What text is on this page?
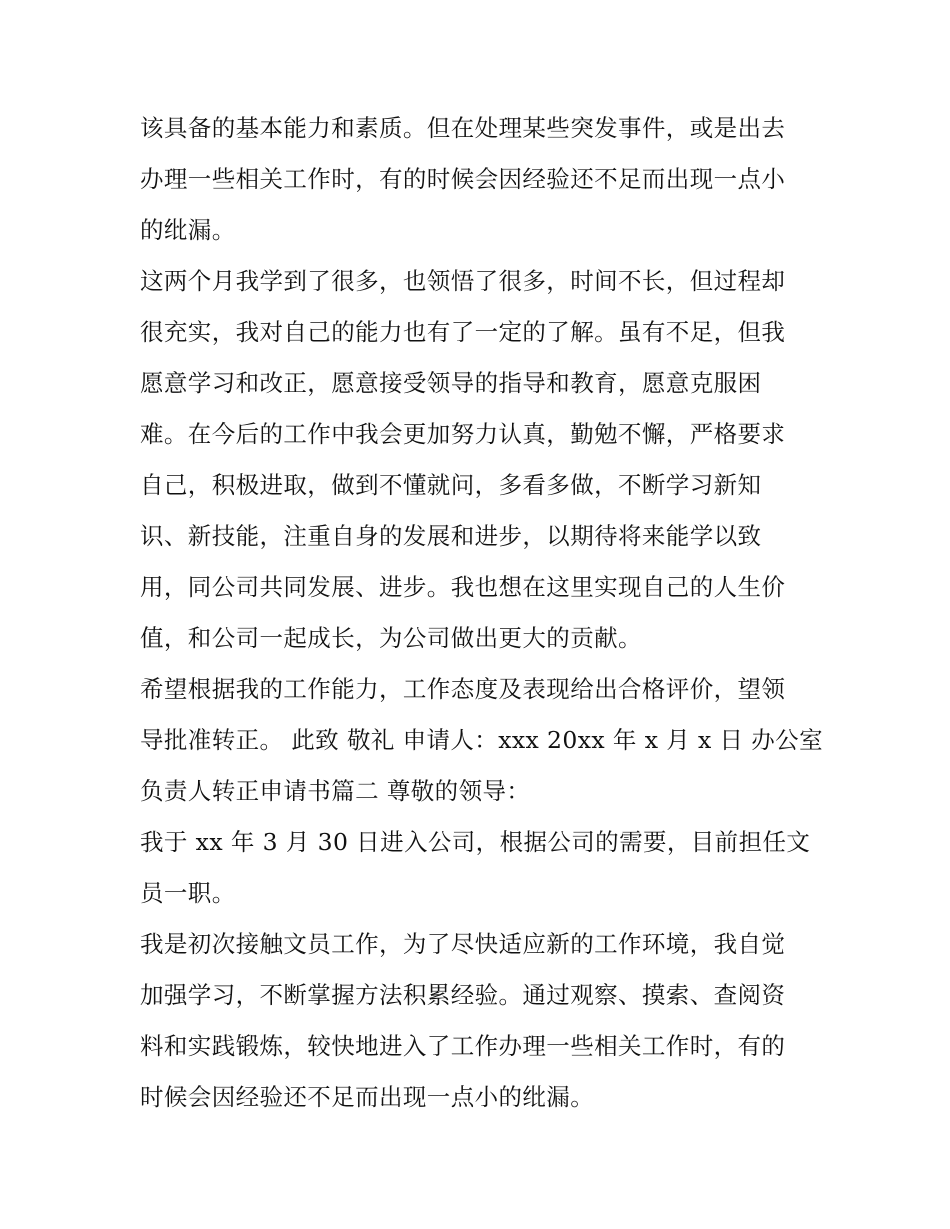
该具备的基本能力和素质。但在处理某些突发事件，或是出去
办理一些相关工作时，有的时候会因经验还不足而出现一点小
的纰漏。
这两个月我学到了很多，也领悟了很多，时间不长，但过程却
很充实，我对自己的能力也有了一定的了解。虽有不足，但我
愿意学习和改正，愿意接受领导的指导和教育，愿意克服困
难。在今后的工作中我会更加努力认真，勤勉不懈，严格要求
自己，积极进取，做到不懂就问，多看多做，不断学习新知
识、新技能，注重自身的发展和进步，以期待将来能学以致
用，同公司共同发展、进步。我也想在这里实现自己的人生价
值，和公司一起成长，为公司做出更大的贡献。
希望根据我的工作能力，工作态度及表现给出合格评价，望领
导批准转正。 此致 敬礼 申请人：xxx 20xx 年 x 月 x 日 办公室
负责人转正申请书篇二 尊敬的领导：
我于 xx 年 3 月 30 日进入公司，根据公司的需要，目前担任文
员一职。
我是初次接触文员工作，为了尽快适应新的工作环境，我自觉
加强学习，不断掌握方法积累经验。通过观察、摸索、查阅资
料和实践锻炼，较快地进入了工作办理一些相关工作时，有的
时候会因经验还不足而出现一点小的纰漏。
